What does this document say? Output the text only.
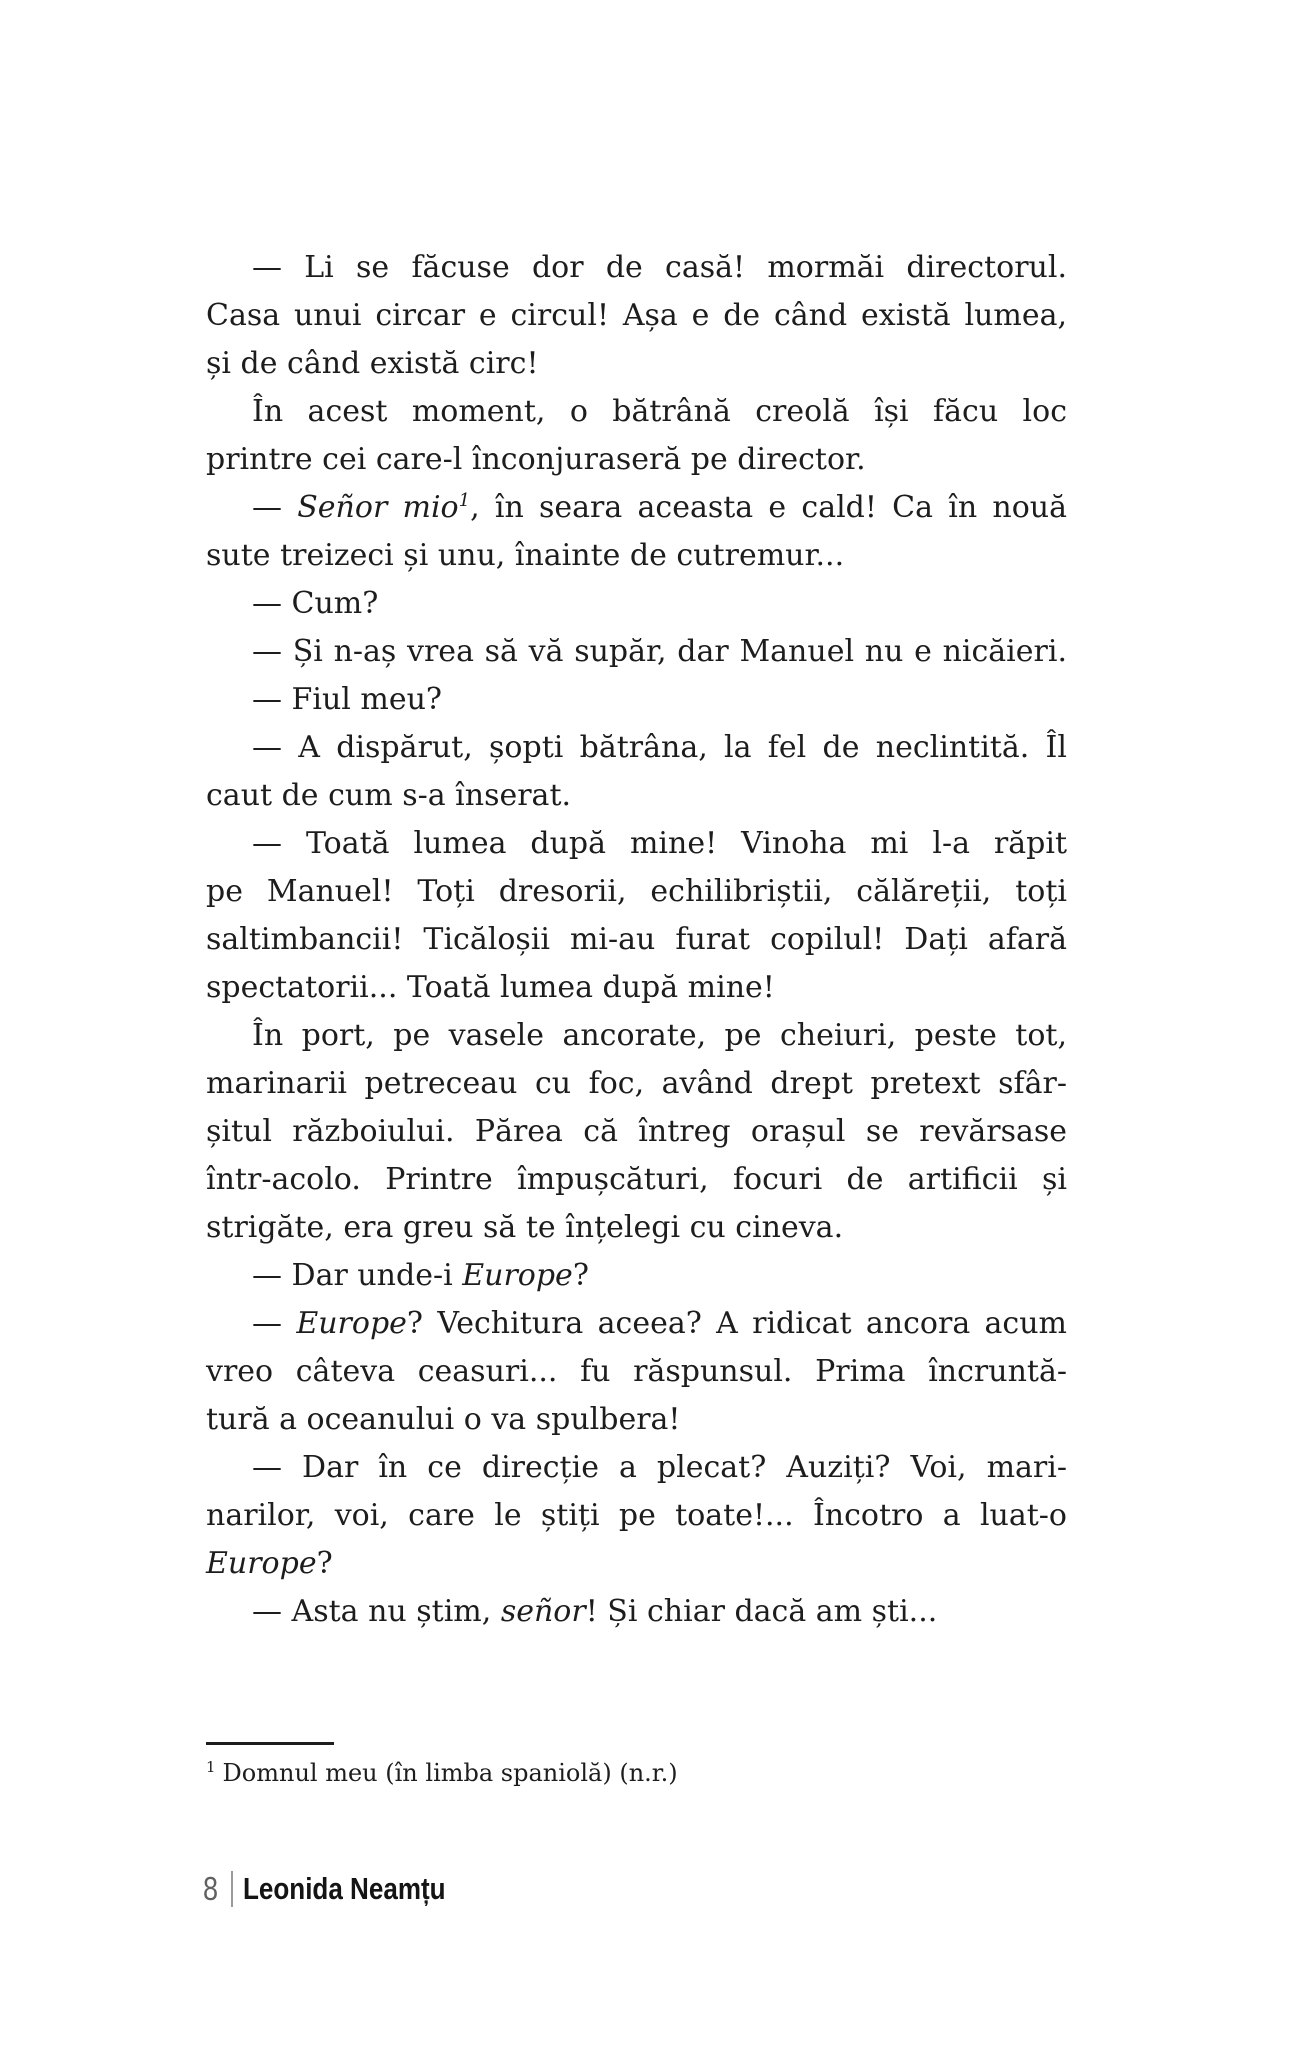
— Li se făcuse dor de casă! mormăi directorul.
Casa unui circar e circul! Așa e de când există lumea,
și de când există circ!
În acest moment, o bătrână creolă își făcu loc
printre cei care-l înconjuraseră pe director.
— Señor mio$^1$, în seara aceasta e cald! Ca în nouă
sute treizeci și unu, înainte de cutremur...
— Cum?
— Și n-aș vrea să vă supăr, dar Manuel nu e nicăieri.
— Fiul meu?
— A dispărut, șopti bătrâna, la fel de neclintită. Îl
caut de cum s-a înserat.
— Toată lumea după mine! Vinoha mi l-a răpit
pe Manuel! Toți dresorii, echilibriștii, călăreții, toți
saltimbancii! Ticăloșii mi-au furat copilul! Dați afară
spectatorii... Toată lumea după mine!
În port, pe vasele ancorate, pe cheiuri, peste tot,
marinarii petreceau cu foc, având drept pretext sfâr-
șitul războiului. Părea că întreg orașul se revărsase
într-acolo. Printre împușcături, focuri de artificii și
strigăte, era greu să te înțelegi cu cineva.
— Dar unde-i Europe?
— Europe? Vechitura aceea? A ridicat ancora acum
vreo câteva ceasuri... fu răspunsul. Prima încruntă-
tură a oceanului o va spulbera!
— Dar în ce direcție a plecat? Auziți? Voi, mari-
narilor, voi, care le știți pe toate!... Încotro a luat-o
Europe?
— Asta nu știm, señor! Și chiar dacă am ști...
$^1$ Domnul meu (în limba spaniolă) (n.r.)
8 Leonida Neamțu
